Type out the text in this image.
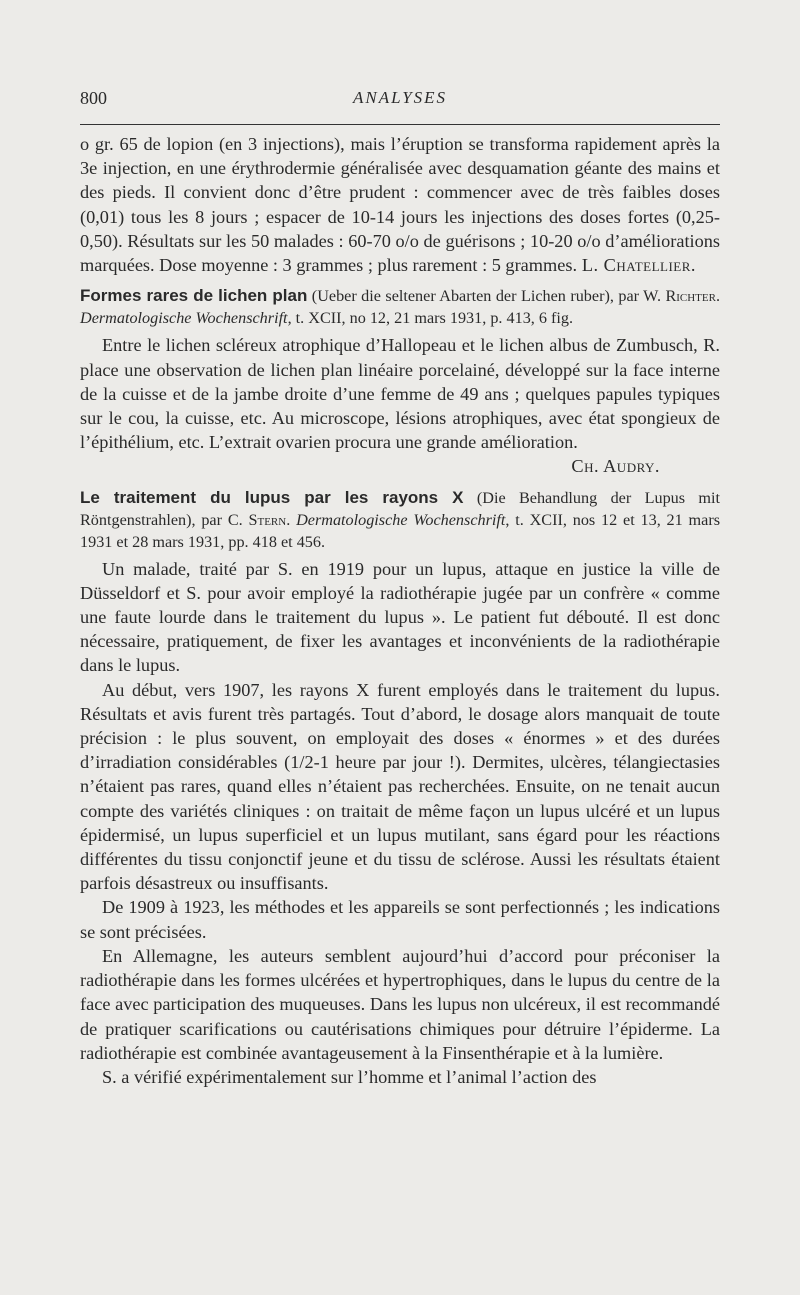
800	ANALYSES

o gr. 65 de lopion (en 3 injections), mais l’éruption se transforma rapidement après la 3e injection, en une érythrodermie généralisée avec desquamation géante des mains et des pieds. Il convient donc d’être prudent : commencer avec de très faibles doses (0,01) tous les 8 jours ; espacer de 10-14 jours les injections des doses fortes (0,25-0,50). Résultats sur les 50 malades : 60-70 o/o de guérisons ; 10-20 o/o d’améliorations marquées. Dose moyenne : 3 grammes ; plus rarement : 5 grammes. L. Chatellier.
Formes rares de lichen plan (Ueber die seltener Abarten der Lichen ruber), par W. Richter. Dermatologische Wochenschrift, t. XCII, no 12, 21 mars 1931, p. 413, 6 fig.

Entre le lichen scléreux atrophique d’Hallopeau et le lichen albus de Zumbusch, R. place une observation de lichen plan linéaire porcelainé, développé sur la face interne de la cuisse et de la jambe droite d’une femme de 49 ans ; quelques papules typiques sur le cou, la cuisse, etc. Au microscope, lésions atrophiques, avec état spongieux de l’épithélium, etc. L’extrait ovarien procura une grande amélioration.

Ch. Audry.
Le traitement du lupus par les rayons X (Die Behandlung der Lupus mit Röntgenstrahlen), par C. Stern. Dermatologische Wochenschrift, t. XCII, nos 12 et 13, 21 mars 1931 et 28 mars 1931, pp. 418 et 456.

Un malade, traité par S. en 1919 pour un lupus, attaque en justice la ville de Düsseldorf et S. pour avoir employé la radiothérapie jugée par un confrère « comme une faute lourde dans le traitement du lupus ». Le patient fut débouté. Il est donc nécessaire, pratiquement, de fixer les avantages et inconvénients de la radiothérapie dans le lupus.

Au début, vers 1907, les rayons X furent employés dans le traitement du lupus. Résultats et avis furent très partagés. Tout d’abord, le dosage alors manquait de toute précision : le plus souvent, on employait des doses « énormes » et des durées d’irradiation considérables (1/2-1 heure par jour !). Dermites, ulcères, télangiectasies n’étaient pas rares, quand elles n’étaient pas recherchées. Ensuite, on ne tenait aucun compte des variétés cliniques : on traitait de même façon un lupus ulcéré et un lupus épidermisé, un lupus superficiel et un lupus mutilant, sans égard pour les réactions différentes du tissu conjonctif jeune et du tissu de sclérose. Aussi les résultats étaient parfois désastreux ou insuffisants.

De 1909 à 1923, les méthodes et les appareils se sont perfectionnés ; les indications se sont précisées.

En Allemagne, les auteurs semblent aujourd’hui d’accord pour préconiser la radiothérapie dans les formes ulcérées et hypertrophiques, dans le lupus du centre de la face avec participation des muqueuses. Dans les lupus non ulcéreux, il est recommandé de pratiquer scarifications ou cautérisations chimiques pour détruire l’épiderme. La radiothérapie est combinée avantageusement à la Finsenthérapie et à la lumière.

S. a vérifié expérimentalement sur l’homme et l’animal l’action des
